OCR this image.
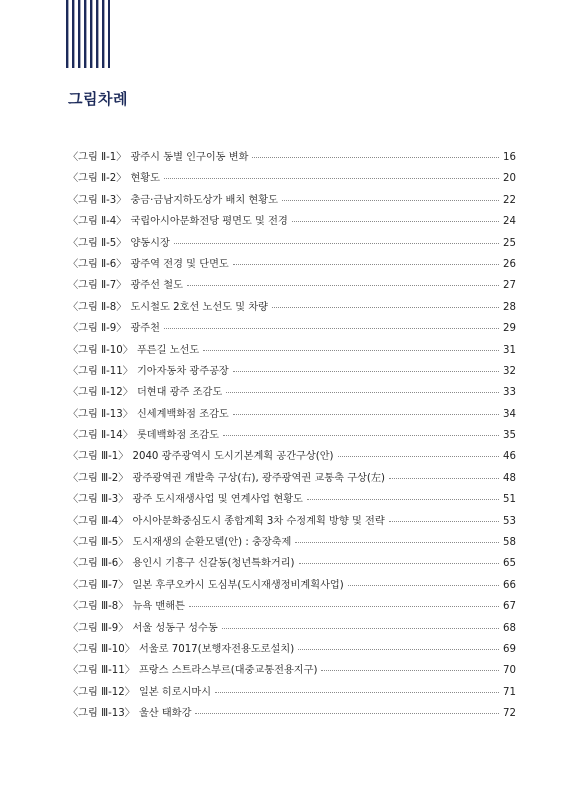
그림차례
〈그림 Ⅱ-1〉 광주시 동별 인구이동 변화	16
〈그림 Ⅱ-2〉 현황도	20
〈그림 Ⅱ-3〉 충금·금남지하도상가 배치 현황도	22
〈그림 Ⅱ-4〉 국립아시아문화전당 평면도 및 전경	24
〈그림 Ⅱ-5〉 양동시장	25
〈그림 Ⅱ-6〉 광주역 전경 및 단면도	26
〈그림 Ⅱ-7〉 광주선 철도	27
〈그림 Ⅱ-8〉 도시철도 2호선 노선도 및 차량	28
〈그림 Ⅱ-9〉 광주천	29
〈그림 Ⅱ-10〉 푸른길 노선도	31
〈그림 Ⅱ-11〉 기아자동차 광주공장	32
〈그림 Ⅱ-12〉 더현대 광주 조감도	33
〈그림 Ⅱ-13〉 신세계백화점 조감도	34
〈그림 Ⅱ-14〉 롯데백화점 조감도	35
〈그림 Ⅲ-1〉 2040 광주광역시 도시기본계획 공간구상(안)	46
〈그림 Ⅲ-2〉 광주광역권 개발축 구상(右), 광주광역권 교통축 구상(左)	48
〈그림 Ⅲ-3〉 광주 도시재생사업 및 연계사업 현황도	51
〈그림 Ⅲ-4〉 아시아문화중심도시 종합계획 3차 수정계획 방향 및 전략	53
〈그림 Ⅲ-5〉 도시재생의 순환모델(안) : 충장축제	58
〈그림 Ⅲ-6〉 용인시 기흥구 신갈동(청년특화거리)	65
〈그림 Ⅲ-7〉 일본 후쿠오카시 도심부(도시재생정비계획사업)	66
〈그림 Ⅲ-8〉 뉴욕 맨해튼	67
〈그림 Ⅲ-9〉 서울 성동구 성수동	68
〈그림 Ⅲ-10〉 서울로 7017(보행자전용도로설치)	69
〈그림 Ⅲ-11〉 프랑스 스트라스부르(대중교통전용지구)	70
〈그림 Ⅲ-12〉 일본 히로시마시	71
〈그림 Ⅲ-13〉 울산 태화강	72
